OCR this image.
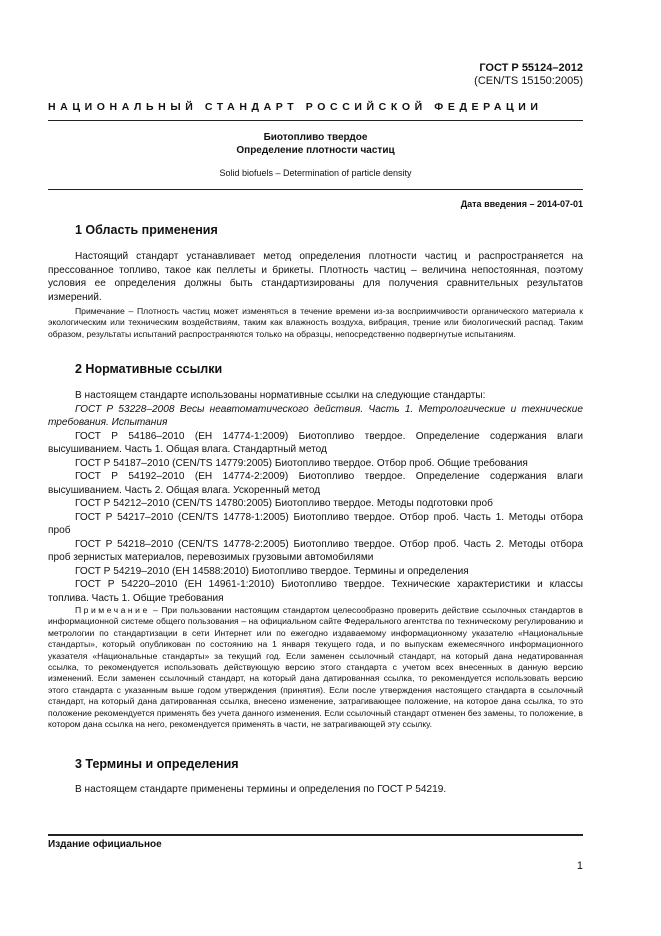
ГОСТ Р 55124–2012
(CEN/TS 15150:2005)
НАЦИОНАЛЬНЫЙ СТАНДАРТ РОССИЙСКОЙ ФЕДЕРАЦИИ
Биотопливо твердое
Определение плотности частиц
Solid biofuels – Determination of particle density
Дата введения – 2014-07-01
1 Область применения

Настоящий стандарт устанавливает метод определения плотности частиц и распространяется на прессованное топливо, такое как пеллеты и брикеты. Плотность частиц – величина непостоянная, поэтому условия ее определения должны быть стандартизированы для получения сравнительных результатов измерений.

Примечание – Плотность частиц может изменяться в течение времени из-за восприимчивости органического материала к экологическим или техническим воздействиям, таким как влажность воздуха, вибрация, трение или биологический распад. Таким образом, результаты испытаний распространяются только на образцы, непосредственно подвергнутые испытаниям.

2 Нормативные ссылки

В настоящем стандарте использованы нормативные ссылки на следующие стандарты:

ГОСТ Р 53228–2008 Весы неавтоматического действия. Часть 1. Метрологические и технические требования. Испытания

ГОСТ Р 54186–2010 (ЕН 14774-1:2009) Биотопливо твердое. Определение содержания влаги высушиванием. Часть 1. Общая влага. Стандартный метод

ГОСТ Р 54187–2010 (CEN/TS 14779:2005) Биотопливо твердое. Отбор проб. Общие требования

ГОСТ Р 54192–2010 (ЕН 14774-2:2009) Биотопливо твердое. Определение содержания влаги высушиванием. Часть 2. Общая влага. Ускоренный метод

ГОСТ Р 54212–2010 (CEN/TS 14780:2005) Биотопливо твердое. Методы подготовки проб

ГОСТ Р 54217–2010 (CEN/TS 14778-1:2005) Биотопливо твердое. Отбор проб. Часть 1. Методы отбора проб

ГОСТ Р 54218–2010 (CEN/TS 14778-2:2005) Биотопливо твердое. Отбор проб. Часть 2. Методы отбора проб зернистых материалов, перевозимых грузовыми автомобилями

ГОСТ Р 54219–2010 (ЕН 14588:2010) Биотопливо твердое. Термины и определения

ГОСТ Р 54220–2010 (ЕН 14961-1:2010) Биотопливо твердое. Технические характеристики и классы топлива. Часть 1. Общие требования

Примечание – При пользовании настоящим стандартом целесообразно проверить действие ссылочных стандартов в информационной системе общего пользования – на официальном сайте Федерального агентства по техническому регулированию и метрологии по стандартизации в сети Интернет или по ежегодно издаваемому информационному указателю «Национальные стандарты», который опубликован по состоянию на 1 января текущего года, и по выпускам ежемесячного информационного указателя «Национальные стандарты» за текущий год. Если заменен ссылочный стандарт, на который дана недатированная ссылка, то рекомендуется использовать действующую версию этого стандарта с учетом всех внесенных в данную версию изменений. Если заменен ссылочный стандарт, на который дана датированная ссылка, то рекомендуется использовать версию этого стандарта с указанным выше годом утверждения (принятия). Если после утверждения настоящего стандарта в ссылочный стандарт, на который дана датированная ссылка, внесено изменение, затрагивающее положение, на которое дана ссылка, то это положение рекомендуется применять без учета данного изменения. Если ссылочный стандарт отменен без замены, то положение, в котором дана ссылка на него, рекомендуется применять в части, не затрагивающей эту ссылку.

3 Термины и определения

В настоящем стандарте применены термины и определения по ГОСТ Р 54219.

Издание официальное
1
